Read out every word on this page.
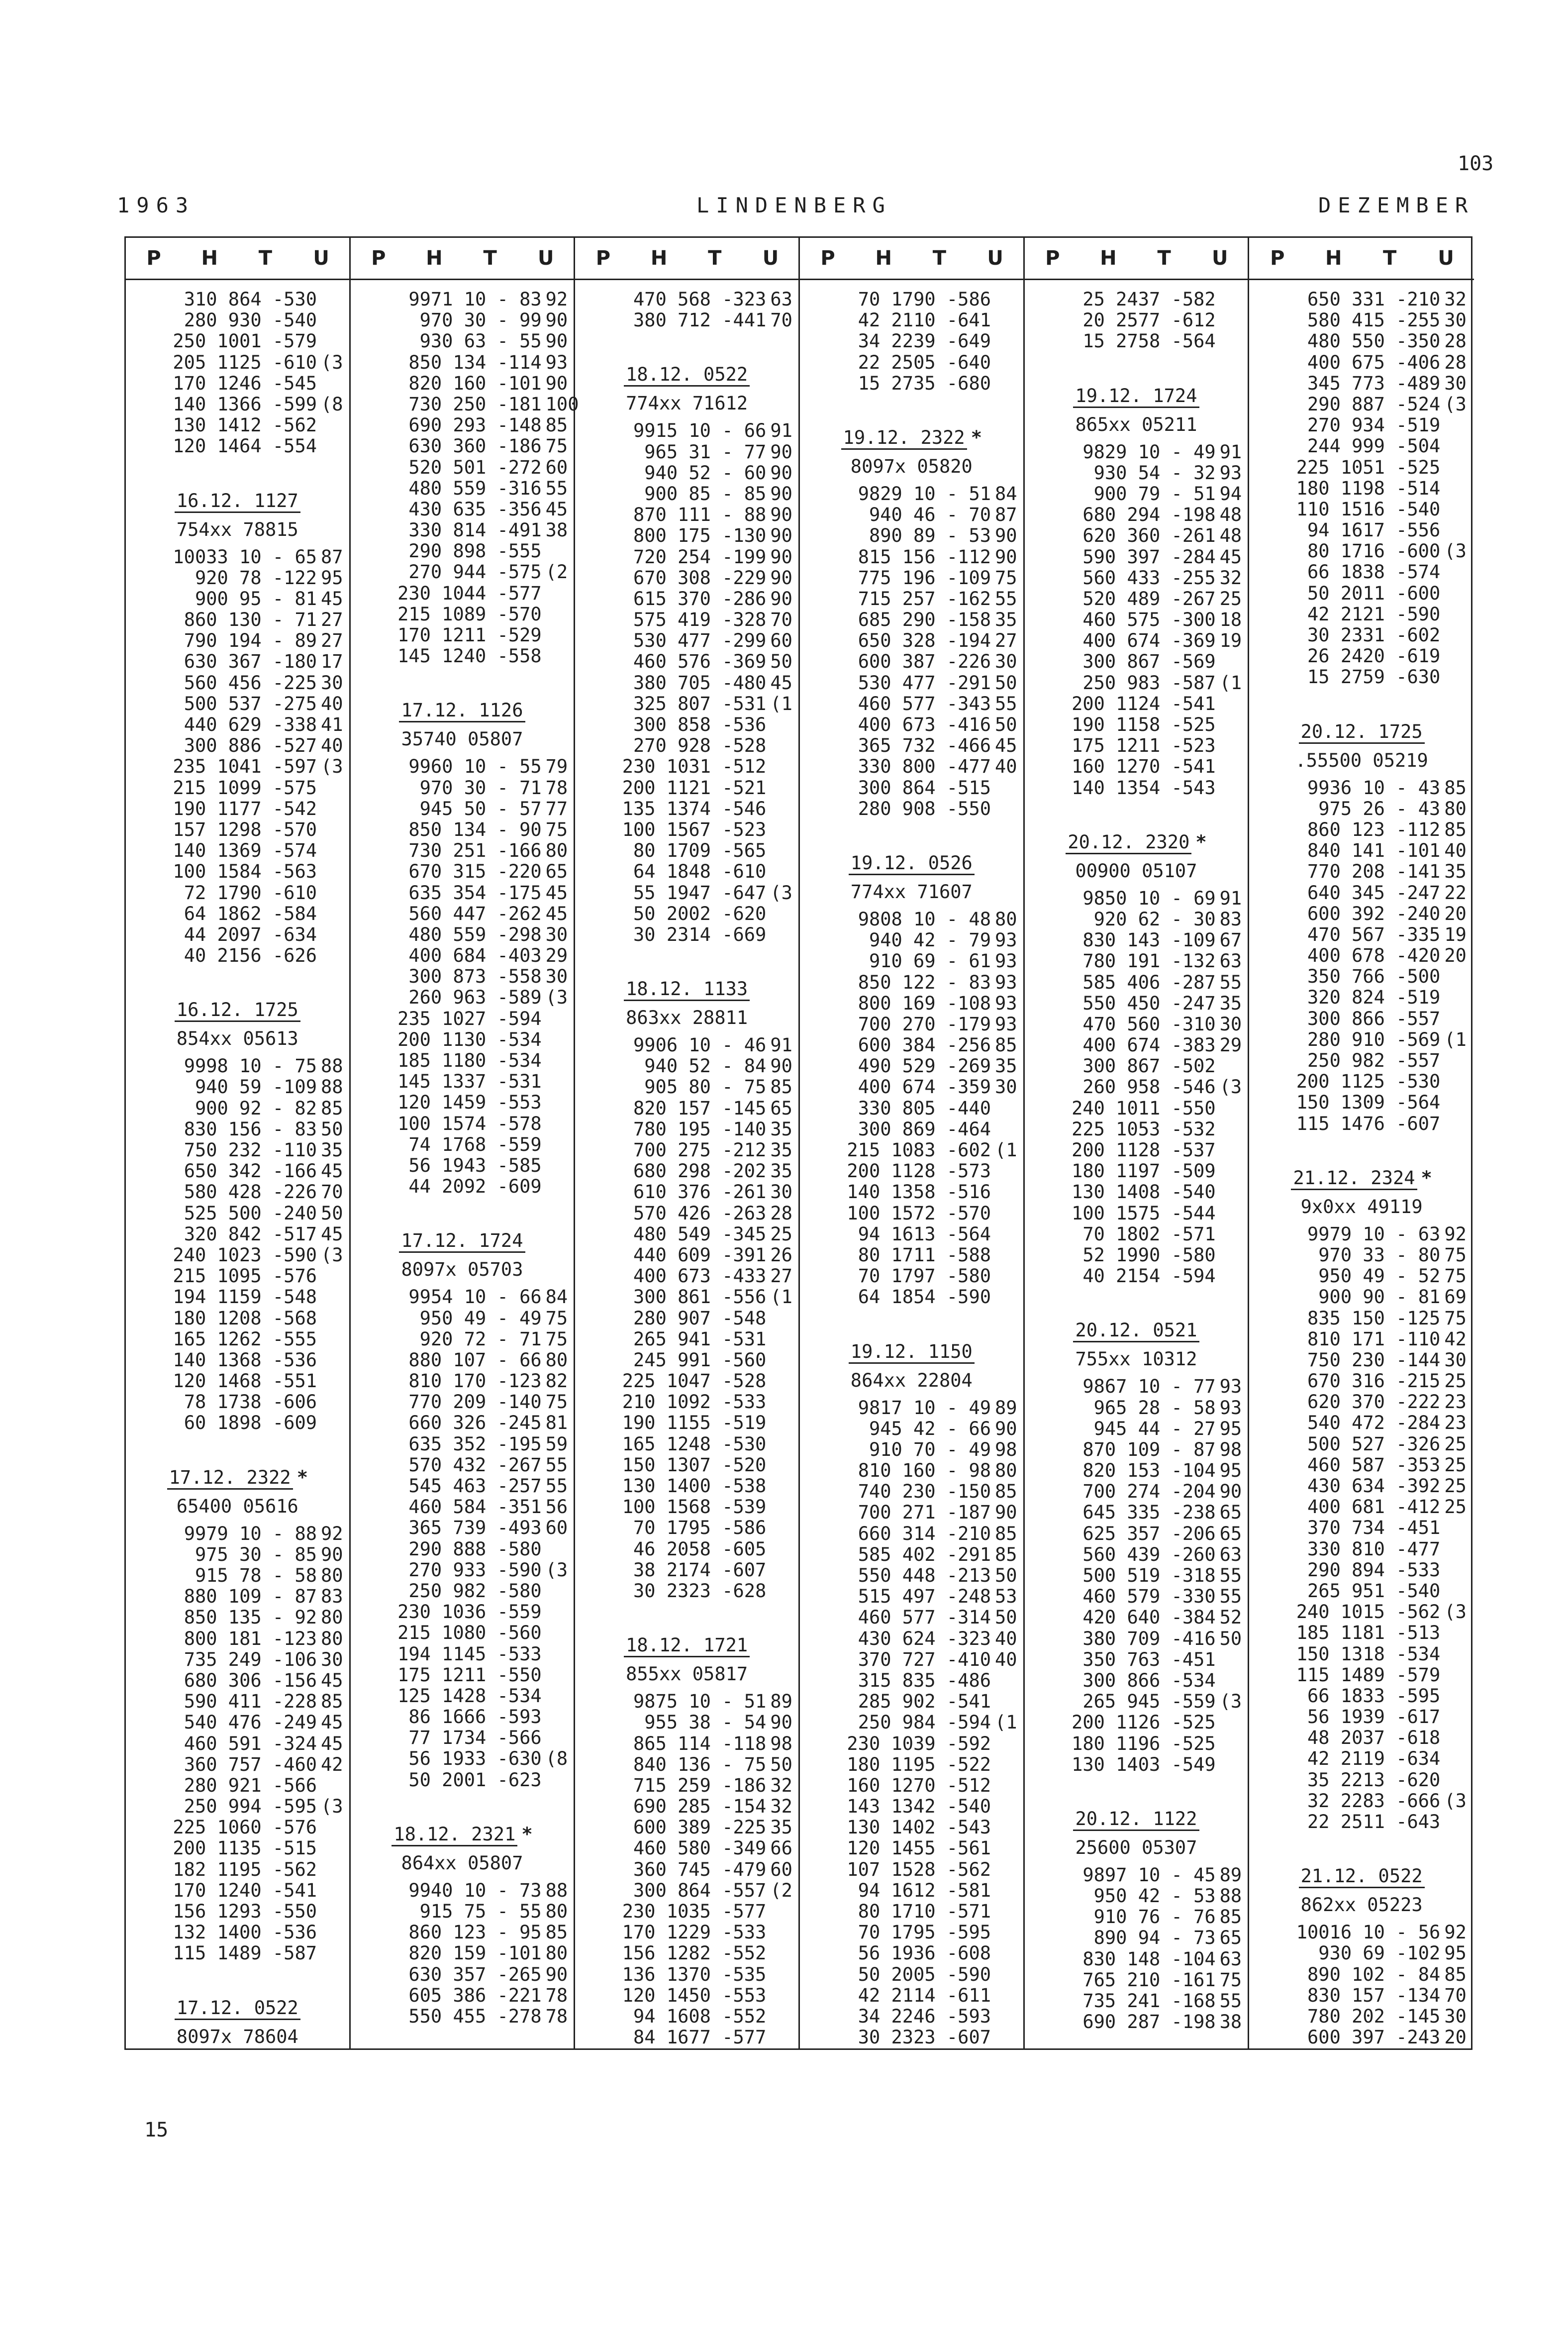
103
1963	LINDENBERG	DEZEMBER
P	H	T	U
310 864 -530
280 930 -540
250 1001 -579
205 1125 -610 (3
170 1246 -545
140 1366 -599 (8
130 1412 -562
120 1464 -554
16.12. 1127
754xx 78815
10033 10 - 65 87
920 78 -122 95
900 95 - 81 45
860 130 - 71 27
790 194 - 89 27
630 367 -180 17
560 456 -225 30
500 537 -275 40
440 629 -338 41
300 886 -527 40
235 1041 -597 (3
215 1099 -575
190 1177 -542
157 1298 -570
140 1369 -574
100 1584 -563
72 1790 -610
64 1862 -584
44 2097 -634
40 2156 -626
16.12. 1725
854xx 05613
9998 10 - 75 88
940 59 -109 88
900 92 - 82 85
830 156 - 83 50
750 232 -110 35
650 342 -166 45
580 428 -226 70
525 500 -240 50
320 842 -517 45
240 1023 -590 (3
215 1095 -576
194 1159 -548
180 1208 -568
165 1262 -555
140 1368 -536
120 1468 -551
78 1738 -606
60 1898 -609
17.12. 2322 *
65400 05616
9979 10 - 88 92
975 30 - 85 90
915 78 - 58 80
880 109 - 87 83
850 135 - 92 80
800 181 -123 80
735 249 -106 30
680 306 -156 45
590 411 -228 85
540 476 -249 45
460 591 -324 45
360 757 -460 42
280 921 -566
250 994 -595 (3
225 1060 -576
200 1135 -515
182 1195 -562
170 1240 -541
156 1293 -550
132 1400 -536
115 1489 -587
17.12. 0522
8097x 78604
P	H	T	U
9971 10 - 83 92
970 30 - 99 90
930 63 - 55 90
850 134 -114 93
820 160 -101 90
730 250 -181 100
690 293 -148 85
630 360 -186 75
520 501 -272 60
480 559 -316 55
430 635 -356 45
330 814 -491 38
290 898 -555
270 944 -575 (2
230 1044 -577
215 1089 -570
170 1211 -529
145 1240 -558
17.12. 1126
35740 05807
9960 10 - 55 79
970 30 - 71 78
945 50 - 57 77
850 134 - 90 75
730 251 -166 80
670 315 -220 65
635 354 -175 45
560 447 -262 45
480 559 -298 30
400 684 -403 29
300 873 -558 30
260 963 -589 (3
235 1027 -594
200 1130 -534
185 1180 -534
145 1337 -531
120 1459 -553
100 1574 -578
74 1768 -559
56 1943 -585
44 2092 -609
17.12. 1724
8097x 05703
9954 10 - 66 84
950 49 - 49 75
920 72 - 71 75
880 107 - 66 80
810 170 -123 82
770 209 -140 75
660 326 -245 81
635 352 -195 59
570 432 -267 55
545 463 -257 55
460 584 -351 56
365 739 -493 60
290 888 -580
270 933 -590 (3
250 982 -580
230 1036 -559
215 1080 -560
194 1145 -533
175 1211 -550
125 1428 -534
86 1666 -593
77 1734 -566
56 1933 -630 (8
50 2001 -623
18.12. 2321 *
864xx 05807
9940 10 - 73 88
915 75 - 55 80
860 123 - 95 85
820 159 -101 80
630 357 -265 90
605 386 -221 78
550 455 -278 78
P	H	T	U
470 568 -323 63
380 712 -441 70
18.12. 0522
774xx 71612
9915 10 - 66 91
965 31 - 77 90
940 52 - 60 90
900 85 - 85 90
870 111 - 88 90
800 175 -130 90
720 254 -199 90
670 308 -229 90
615 370 -286 90
575 419 -328 70
530 477 -299 60
460 576 -369 50
380 705 -480 45
325 807 -531 (1
300 858 -536
270 928 -528
230 1031 -512
200 1121 -521
135 1374 -546
100 1567 -523
80 1709 -565
64 1848 -610
55 1947 -647 (3
50 2002 -620
30 2314 -669
18.12. 1133
863xx 28811
9906 10 - 46 91
940 52 - 84 90
905 80 - 75 85
820 157 -145 65
780 195 -140 35
700 275 -212 35
680 298 -202 35
610 376 -261 30
570 426 -263 28
480 549 -345 25
440 609 -391 26
400 673 -433 27
300 861 -556 (1
280 907 -548
265 941 -531
245 991 -560
225 1047 -528
210 1092 -533
190 1155 -519
165 1248 -530
150 1307 -520
130 1400 -538
100 1568 -539
70 1795 -586
46 2058 -605
38 2174 -607
30 2323 -628
18.12. 1721
855xx 05817
9875 10 - 51 89
955 38 - 54 90
865 114 -118 98
840 136 - 75 50
715 259 -186 32
690 285 -154 32
600 389 -225 35
460 580 -349 66
360 745 -479 60
300 864 -557 (2
230 1035 -577
170 1229 -533
156 1282 -552
136 1370 -535
120 1450 -553
94 1608 -552
84 1677 -577
P	H	T	U
70 1790 -586
42 2110 -641
34 2239 -649
22 2505 -640
15 2735 -680
19.12. 2322 *
8097x 05820
9829 10 - 51 84
940 46 - 70 87
890 89 - 53 90
815 156 -112 90
775 196 -109 75
715 257 -162 55
685 290 -158 35
650 328 -194 27
600 387 -226 30
530 477 -291 50
460 577 -343 55
400 673 -416 50
365 732 -466 45
330 800 -477 40
300 864 -515
280 908 -550
19.12. 0526
774xx 71607
9808 10 - 48 80
940 42 - 79 93
910 69 - 61 93
850 122 - 83 93
800 169 -108 93
700 270 -179 93
600 384 -256 85
490 529 -269 35
400 674 -359 30
330 805 -440
300 869 -464
215 1083 -602 (1
200 1128 -573
140 1358 -516
100 1572 -570
94 1613 -564
80 1711 -588
70 1797 -580
64 1854 -590
19.12. 1150
864xx 22804
9817 10 - 49 89
945 42 - 66 90
910 70 - 49 98
810 160 - 98 80
740 230 -150 85
700 271 -187 90
660 314 -210 85
585 402 -291 85
550 448 -213 50
515 497 -248 53
460 577 -314 50
430 624 -323 40
370 727 -410 40
315 835 -486
285 902 -541
250 984 -594 (1
230 1039 -592
180 1195 -522
160 1270 -512
143 1342 -540
130 1402 -543
120 1455 -561
107 1528 -562
94 1612 -581
80 1710 -571
70 1795 -595
56 1936 -608
50 2005 -590
42 2114 -611
34 2246 -593
30 2323 -607
P	H	T	U
25 2437 -582
20 2577 -612
15 2758 -564
19.12. 1724
865xx 05211
9829 10 - 49 91
930 54 - 32 93
900 79 - 51 94
680 294 -198 48
620 360 -261 48
590 397 -284 45
560 433 -255 32
520 489 -267 25
460 575 -300 18
400 674 -369 19
300 867 -569
250 983 -587 (1
200 1124 -541
190 1158 -525
175 1211 -523
160 1270 -541
140 1354 -543
20.12. 2320 *
00900 05107
9850 10 - 69 91
920 62 - 30 83
830 143 -109 67
780 191 -132 63
585 406 -287 55
550 450 -247 35
470 560 -310 30
400 674 -383 29
300 867 -502
260 958 -546 (3
240 1011 -550
225 1053 -532
200 1128 -537
180 1197 -509
130 1408 -540
100 1575 -544
70 1802 -571
52 1990 -580
40 2154 -594
20.12. 0521
755xx 10312
9867 10 - 77 93
965 28 - 58 93
945 44 - 27 95
870 109 - 87 98
820 153 -104 95
700 274 -204 90
645 335 -238 65
625 357 -206 65
560 439 -260 63
500 519 -318 55
460 579 -330 55
420 640 -384 52
380 709 -416 50
350 763 -451
300 866 -534
265 945 -559 (3
200 1126 -525
180 1196 -525
130 1403 -549
20.12. 1122
25600 05307
9897 10 - 45 89
950 42 - 53 88
910 76 - 76 85
890 94 - 73 65
830 148 -104 63
765 210 -161 75
735 241 -168 55
690 287 -198 38
P	H	T	U
650 331 -210 32
580 415 -255 30
480 550 -350 28
400 675 -406 28
345 773 -489 30
290 887 -524 (3
270 934 -519
244 999 -504
225 1051 -525
180 1198 -514
110 1516 -540
94 1617 -556
80 1716 -600 (3
66 1838 -574
50 2011 -600
42 2121 -590
30 2331 -602
26 2420 -619
15 2759 -630
20.12. 1725
.55500 05219
9936 10 - 43 85
975 26 - 43 80
860 123 -112 85
840 141 -101 40
770 208 -141 35
640 345 -247 22
600 392 -240 20
470 567 -335 19
400 678 -420 20
350 766 -500
320 824 -519
300 866 -557
280 910 -569 (1
250 982 -557
200 1125 -530
150 1309 -564
115 1476 -607
21.12. 2324 *
9x0xx 49119
9979 10 - 63 92
970 33 - 80 75
950 49 - 52 75
900 90 - 81 69
835 150 -125 75
810 171 -110 42
750 230 -144 30
670 316 -215 25
620 370 -222 23
540 472 -284 23
500 527 -326 25
460 587 -353 25
430 634 -392 25
400 681 -412 25
370 734 -451
330 810 -477
290 894 -533
265 951 -540
240 1015 -562 (3
185 1181 -513
150 1318 -534
115 1489 -579
66 1833 -595
56 1939 -617
48 2037 -618
42 2119 -634
35 2213 -620
32 2283 -666 (3
22 2511 -643
21.12. 0522
862xx 05223
10016 10 - 56 92
930 69 -102 95
890 102 - 84 85
830 157 -134 70
780 202 -145 30
600 397 -243 20
15
